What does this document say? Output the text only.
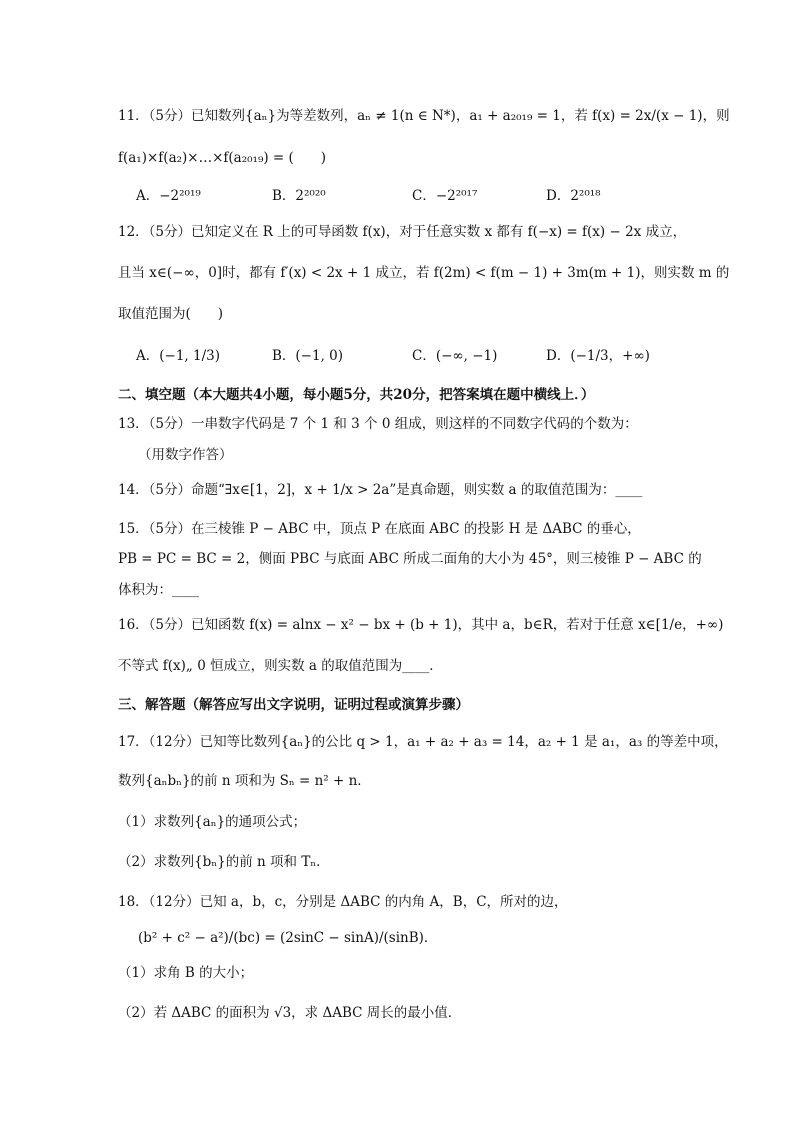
11．（5分）已知数列{aₙ}为等差数列，aₙ ≠ 1(n ∈ N*)，a₁ + a₂₀₁₉ = 1，若 f(x) = 2x/(x − 1)，则
f(a₁)×f(a₂)×…×f(a₂₀₁₉) = (　　)
A．−2²⁰¹⁹	B．2²⁰²⁰	C．−2²⁰¹⁷	D．2²⁰¹⁸
12．（5分）已知定义在 R 上的可导函数 f(x)，对于任意实数 x 都有 f(−x) = f(x) − 2x 成立，
且当 x∈(−∞，0]时，都有 f′(x) < 2x + 1 成立，若 f(2m) < f(m − 1) + 3m(m + 1)，则实数 m 的
取值范围为(　　)
A．(−1, 1/3)	B．(−1, 0)	C．(−∞, −1)	D．(−1/3，+∞)
二、填空题（本大题共4小题，每小题5分，共20分，把答案填在题中横线上．）
13．（5分）一串数字代码是 7 个 1 和 3 个 0 组成，则这样的不同数字代码的个数为：
（用数字作答）
14．（5分）命题“∃x∈[1，2]，x + 1/x > 2a”是真命题，则实数 a 的取值范围为：____
15．（5分）在三棱锥 P − ABC 中，顶点 P 在底面 ABC 的投影 H 是 ΔABC 的垂心，
PB = PC = BC = 2，侧面 PBC 与底面 ABC 所成二面角的大小为 45°，则三棱锥 P − ABC 的
体积为：____
16．（5分）已知函数 f(x) = alnx − x² − bx + (b + 1)，其中 a，b∈R，若对于任意 x∈[1/e，+∞)
不等式 f(x)„ 0 恒成立，则实数 a 的取值范围为____．
三、解答题（解答应写出文字说明，证明过程或演算步骤）
17．（12分）已知等比数列{aₙ}的公比 q > 1，a₁ + a₂ + a₃ = 14，a₂ + 1 是 a₁，a₃ 的等差中项，
数列{aₙbₙ}的前 n 项和为 Sₙ = n² + n．
（1）求数列{aₙ}的通项公式；
（2）求数列{bₙ}的前 n 项和 Tₙ．
18．（12分）已知 a，b，c，分别是 ΔABC 的内角 A，B，C，所对的边，
(b² + c² − a²)/(bc) = (2sinC − sinA)/(sinB)．
（1）求角 B 的大小；
（2）若 ΔABC 的面积为 √3，求 ΔABC 周长的最小值．
